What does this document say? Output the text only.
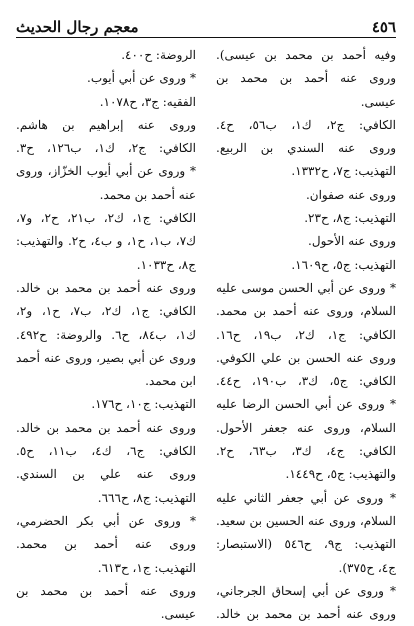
٤٥٦
معجم رجال الحديث
وفيه أحمد بن محمد بن عيسى).
وروى عنه أحمد بن محمد بن
عيسى.
الكافي: ج٢، ك١، ب٥٦، ح٤.
وروى عنه السندي بن الربيع.
التهذيب: ج٧، ح١٣٣٢.
وروى عنه صفوان.
التهذيب: ج٨، ح٢٣.
وروى عنه الأحول.
التهذيب: ج٥، ح١٦٠٩.
* وروى عن أبي الحسن موسى عليه
السلام، وروى عنه أحمد بن محمد.
الكافي: ج١، ك٢، ب١٩، ح١٦.
وروى عنه الحسن بن علي الكوفي.
الكافي: ج٥، ك٣، ب١٩٠، ح٤٤.
* وروى عن أبي الحسن الرضا عليه
السلام، وروى عنه جعفر الأحول.
الكافي: ج٤، ك٣، ب٦٣، ح٢.
والتهذيب: ج٥، ح١٤٤٩.
* وروى عن أبي جعفر الثاني عليه
السلام، وروى عنه الحسين بن سعيد.
التهذيب: ج٩، ح٥٤٦ (الاستبصار:
ج٤، ح٣٧٥).
* وروى عن أبي إسحاق الجرجاني،
وروى عنه أحمد بن محمد بن خالد.
الروضة: ح٤٠٠.
* وروى عن أبي أيوب.
الفقيه: ج٣، ح١٠٧٨.
وروى عنه إبراهيم بن هاشم.
الكافي: ج٢، ك١، ب١٢٦، ح٣.
* وروى عن أبي أيوب الخزّاز، وروى
عنه أحمد بن محمد.
الكافي: ج١، ك٢، ب٢١، ح٢، و٧،
ك٧، ب١، ح١، و ب٤، ح٢. والتهذيب:
ج٨، ح١٠٣٣.
وروى عنه أحمد بن محمد بن خالد.
الكافي: ج١، ك٢، ب٧، ح١، و٢،
ك١، ب٨٤، ح٦. والروضة: ح٤٩٢.
وروى عن أبي بصير، وروى عنه أحمد
ابن محمد.
التهذيب: ج١٠، ح١٧٦.
وروى عنه أحمد بن محمد بن خالد.
الكافي: ج٦، ك٤، ب١١، ح٥.
وروى عنه علي بن السندي.
التهذيب: ج٨، ح٦٦٦.
* وروى عن أبي بكر الحضرمي،
وروى عنه أحمد بن محمد.
التهذيب: ج١، ح٦١٣.
وروى عنه أحمد بن محمد بن
عيسى.
